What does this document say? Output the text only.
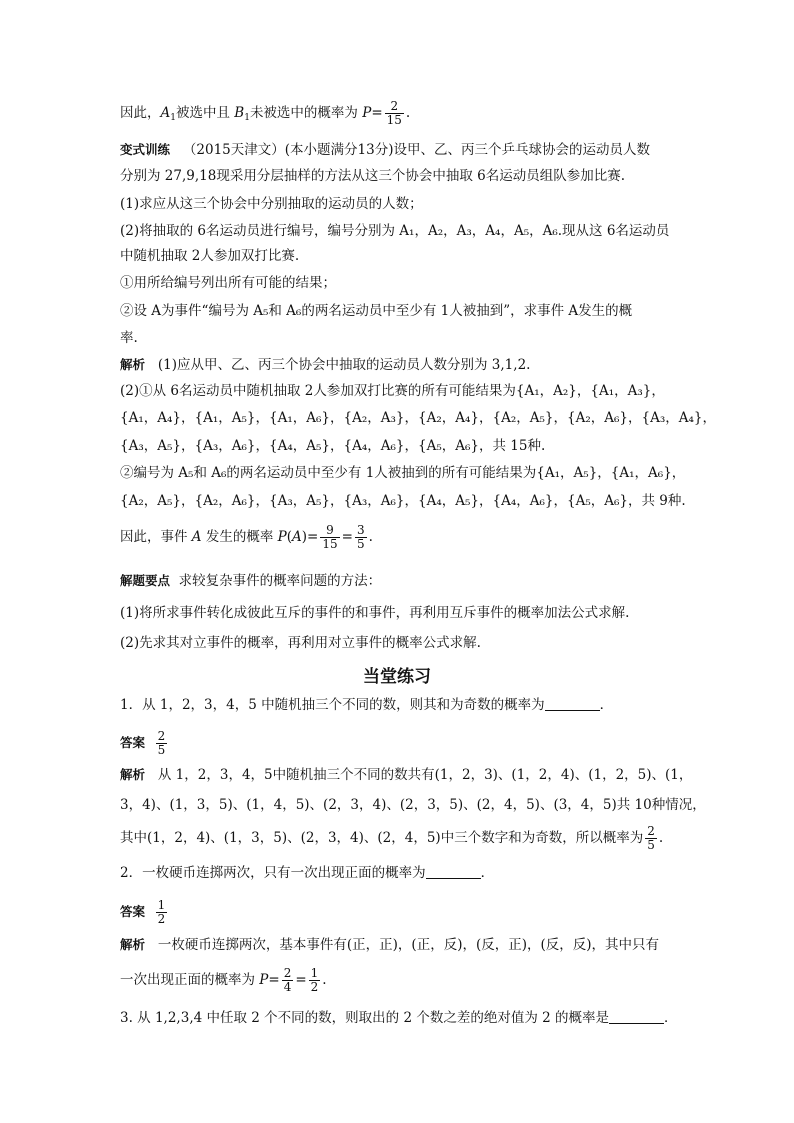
因此，$A_1$被选中且 $B_1$未被选中的概率为 $P= \frac{2}{15}$ .
变式训练 （2015天津文）(本小题满分13分)设甲、乙、丙三个乒乓球协会的运动员人数
分别为 27,9,18现采用分层抽样的方法从这三个协会中抽取 6名运动员组队参加比赛.
(1)求应从这三个协会中分别抽取的运动员的人数；
(2)将抽取的 6名运动员进行编号，编号分别为 A₁，A₂，A₃，A₄，A₅，A₆.现从这 6名运动员
中随机抽取 2人参加双打比赛.
①用所给编号列出所有可能的结果；
②设 A为事件“编号为 A₅和 A₆的两名运动员中至少有 1人被抽到”，求事件 A发生的概
率.
解析 (1)应从甲、乙、丙三个协会中抽取的运动员人数分别为 3,1,2.
(2)①从 6名运动员中随机抽取 2人参加双打比赛的所有可能结果为{A₁，A₂}，{A₁，A₃}，
{A₁，A₄}，{A₁，A₅}，{A₁，A₆}，{A₂，A₃}，{A₂，A₄}，{A₂，A₅}，{A₂，A₆}，{A₃，A₄}，
{A₃，A₅}，{A₃，A₆}，{A₄，A₅}，{A₄，A₆}，{A₅，A₆}，共 15种.
②编号为 A₅和 A₆的两名运动员中至少有 1人被抽到的所有可能结果为{A₁，A₅}，{A₁，A₆}，
{A₂，A₅}，{A₂，A₆}，{A₃，A₅}，{A₃，A₆}，{A₄，A₅}，{A₄，A₆}，{A₅，A₆}，共 9种.
因此，事件 A 发生的概率 $P(A)= \frac{9}{15} = \frac{3}{5}$ .
解题要点 求较复杂事件的概率问题的方法：
(1)将所求事件转化成彼此互斥的事件的和事件，再利用互斥事件的概率加法公式求解.
(2)先求其对立事件的概率，再利用对立事件的概率公式求解.
当堂练习
1．从 1，2，3，4，5 中随机抽三个不同的数，则其和为奇数的概率为	．
答案 $\frac{2}{5}$
解析 从 1，2，3，4，5中随机抽三个不同的数共有(1，2，3)、(1，2，4)、(1，2，5)、(1，
3，4)、(1，3，5)、(1，4，5)、(2，3，4)、(2，3，5)、(2，4，5)、(3，4，5)共 10种情况，
其中(1，2，4)、(1，3，5)、(2，3，4)、(2，4，5)中三个数字和为奇数，所以概率为 $\frac{2}{5}$ .
2．一枚硬币连掷两次，只有一次出现正面的概率为	．
答案 $\frac{1}{2}$
解析 一枚硬币连掷两次，基本事件有(正，正)，(正，反)，(反，正)，(反，反)，其中只有
一次出现正面的概率为 $P= \frac{2}{4} = \frac{1}{2}$ .
3. 从 1,2,3,4 中任取 2 个不同的数，则取出的 2 个数之差的绝对值为 2 的概率是	．
